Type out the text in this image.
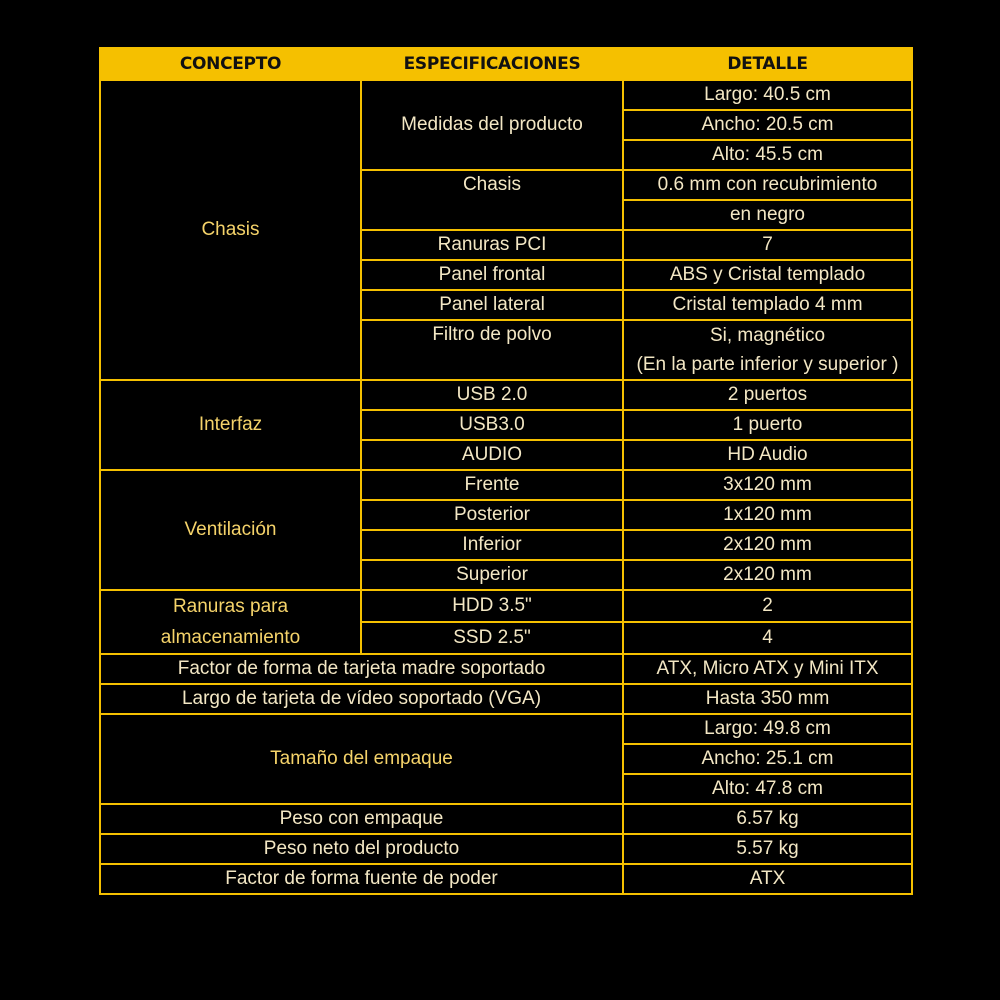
CONCEPTO	ESPECIFICACIONES	DETALLE
Chasis	Medidas del producto	Largo: 40.5 cm
		Ancho: 20.5 cm
		Alto: 45.5 cm
	Chasis	0.6 mm con recubrimiento
		en negro
	Ranuras PCI	7
	Panel frontal	ABS y Cristal templado
	Panel lateral	Cristal templado 4 mm
	Filtro de polvo	Si, magnético
		(En la parte inferior y superior )
Interfaz	USB 2.0	2 puertos
	USB3.0	1 puerto
	AUDIO	HD Audio
Ventilación	Frente	3x120 mm
	Posterior	1x120 mm
	Inferior	2x120 mm
	Superior	2x120 mm

Ranuras para
almacenamiento	HDD 3.5"	2
	SSD 2.5"	4
Factor de forma de tarjeta madre soportado		ATX, Micro ATX y Mini ITX
Largo de tarjeta de vídeo soportado (VGA)		Hasta 350 mm
Tamaño del empaque		Largo: 49.8 cm
		Ancho: 25.1 cm
		Alto: 47.8 cm
Peso con empaque		6.57 kg
Peso neto del producto		5.57 kg
Factor de forma fuente de poder		ATX
